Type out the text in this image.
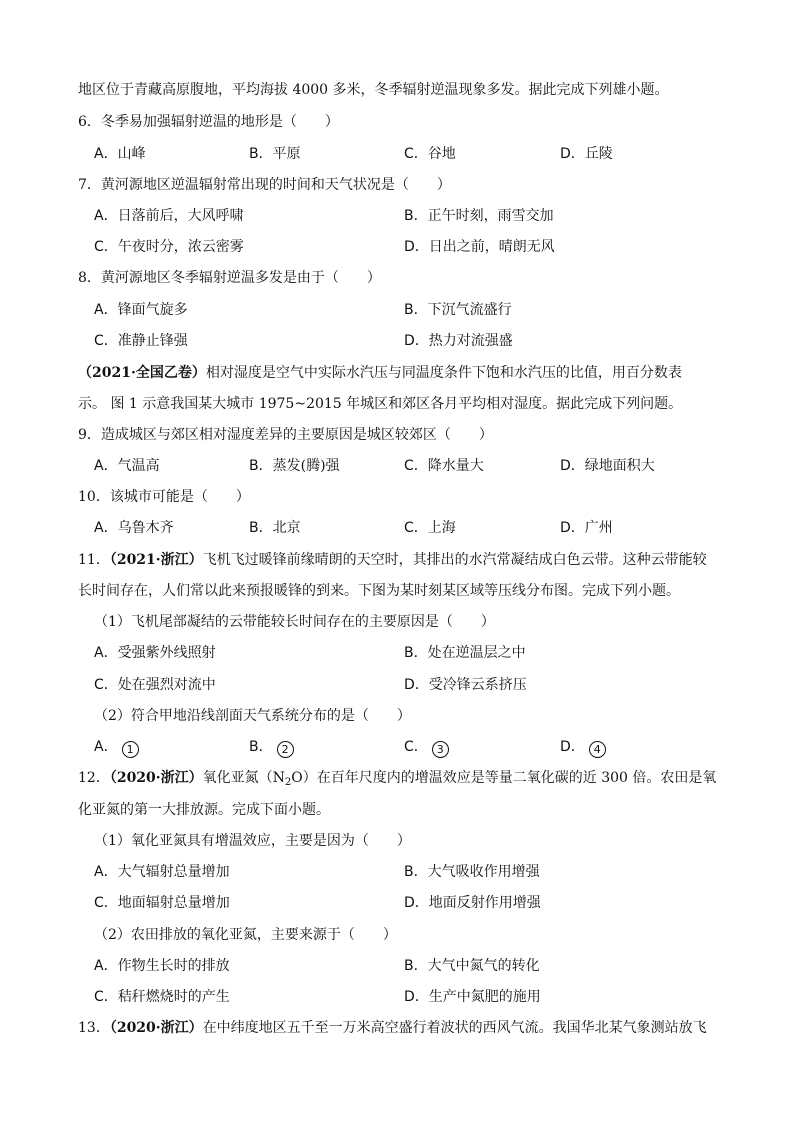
地区位于青藏高原腹地，平均海拔 4000 多米，冬季辐射逆温现象多发。据此完成下列雄小题。
6．冬季易加强辐射逆温的地形是（　　）
A．山峰	B．平原	C．谷地	D．丘陵
7．黄河源地区逆温辐射常出现的时间和天气状况是（　　）
A．日落前后，大风呼啸	B．正午时刻，雨雪交加
C．午夜时分，浓云密雾	D．日出之前，晴朗无风
8．黄河源地区冬季辐射逆温多发是由于（　　）
A．锋面气旋多	B．下沉气流盛行
C．准静止锋强	D．热力对流强盛
（2021·全国乙卷）相对湿度是空气中实际水汽压与同温度条件下饱和水汽压的比值，用百分数表
示。 图 1 示意我国某大城市 1975~2015 年城区和郊区各月平均相对湿度。据此完成下列问题。
9．造成城区与郊区相对湿度差异的主要原因是城区较郊区（　　）
A．气温高	B．蒸发(腾)强	C．降水量大	D．绿地面积大
10．该城市可能是（　　）
A．乌鲁木齐	B．北京	C．上海	D．广州
11．（2021·浙江）飞机飞过暖锋前缘晴朗的天空时，其排出的水汽常凝结成白色云带。这种云带能较
长时间存在，人们常以此来预报暖锋的到来。下图为某时刻某区域等压线分布图。完成下列小题。
（1）飞机尾部凝结的云带能较长时间存在的主要原因是（　　）
A．受强紫外线照射	B．处在逆温层之中
C．处在强烈对流中	D．受冷锋云系挤压
（2）符合甲地沿线剖面天气系统分布的是（　　）
A． 1	B． 2	C． 3	D． 4
12．（2020·浙江）氧化亚氮$(N_2O)$在百年尺度内的增温效应是等量二氧化碳的近 300 倍。农田是氧
化亚氮的第一大排放源。完成下面小题。
（1）氧化亚氮具有增温效应，主要是因为（　　）
A．大气辐射总量增加	B．大气吸收作用增强
C．地面辐射总量增加	D．地面反射作用增强
（2）农田排放的氧化亚氮，主要来源于（　　）
A．作物生长时的排放	B．大气中氮气的转化
C．秸秆燃烧时的产生	D．生产中氮肥的施用
13．（2020·浙江）在中纬度地区五千至一万米高空盛行着波状的西风气流。我国华北某气象测站放飞
